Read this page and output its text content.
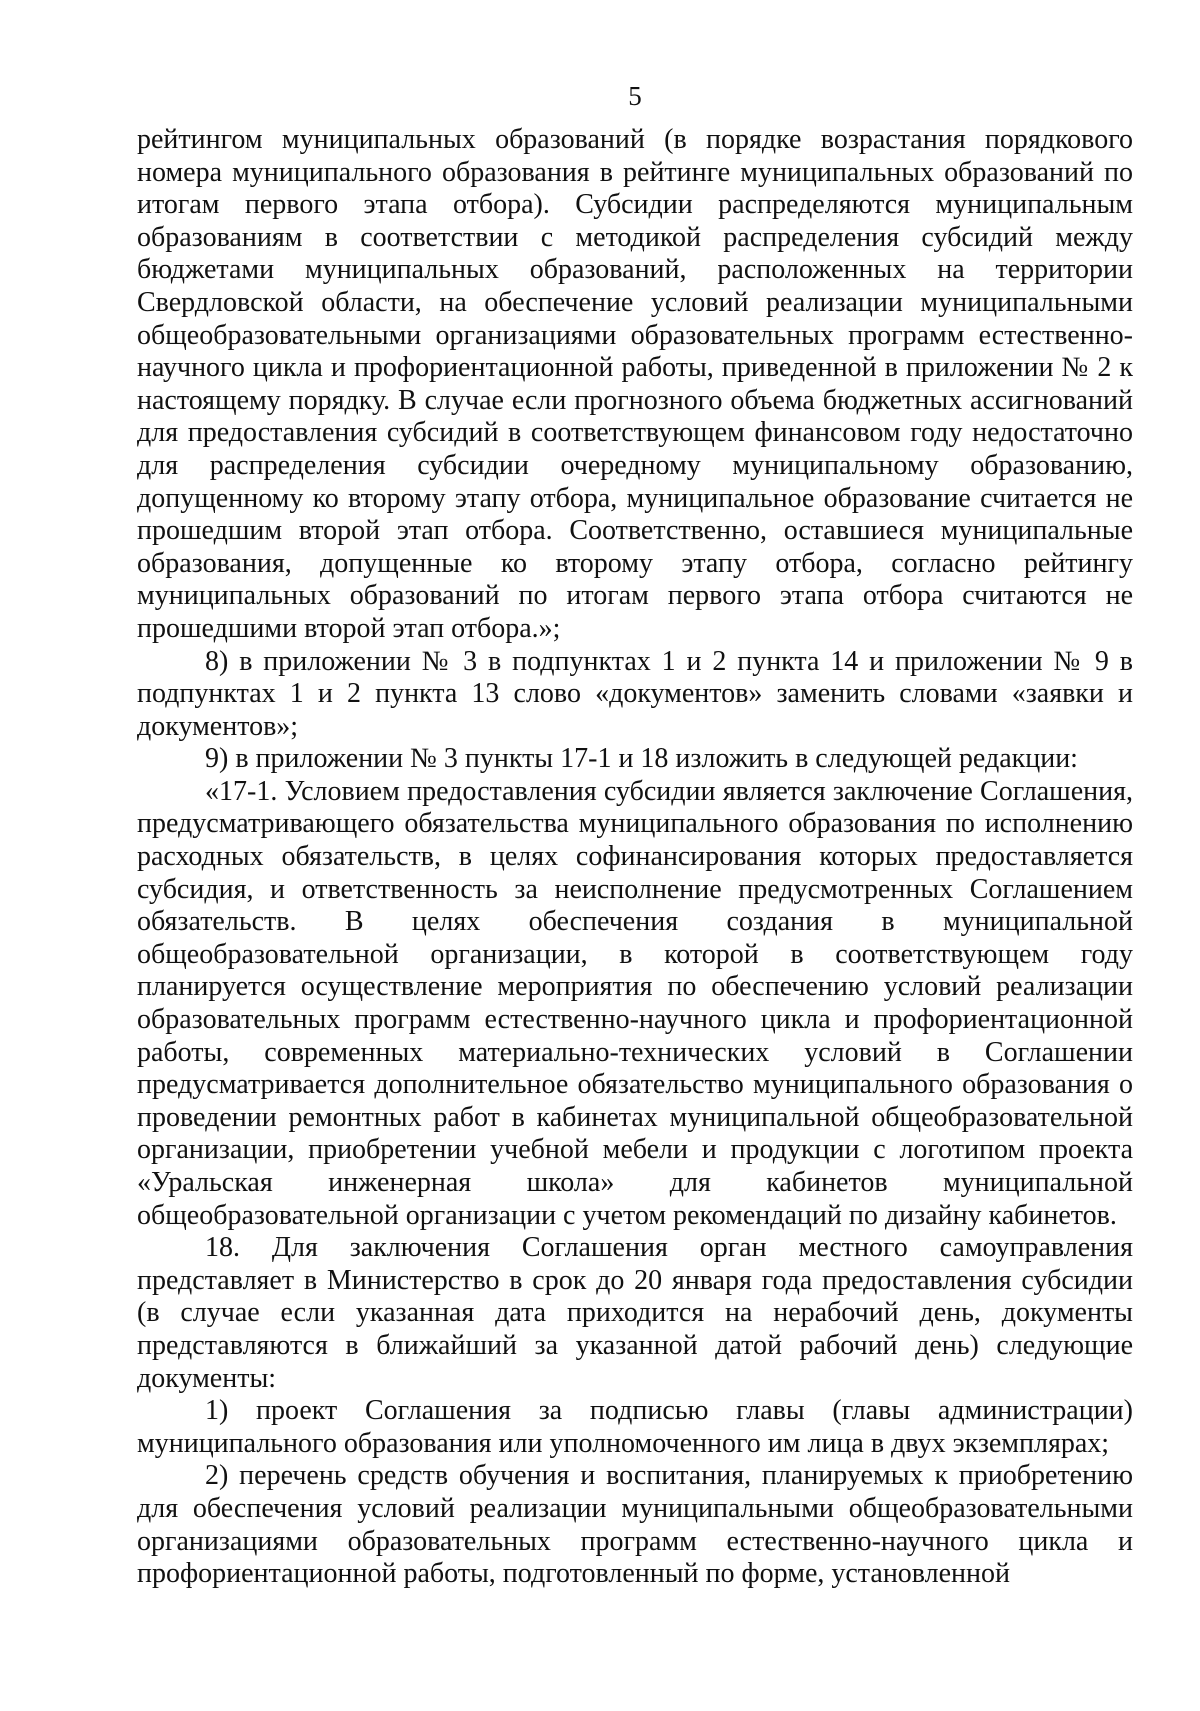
5

рейтингом муниципальных образований (в порядке возрастания порядкового номера муниципального образования в рейтинге муниципальных образований по итогам первого этапа отбора). Субсидии распределяются муниципальным образованиям в соответствии с методикой распределения субсидий между бюджетами муниципальных образований, расположенных на территории Свердловской области, на обеспечение условий реализации муниципальными общеобразовательными организациями образовательных программ естественно-научного цикла и профориентационной работы, приведенной в приложении № 2 к настоящему порядку. В случае если прогнозного объема бюджетных ассигнований для предоставления субсидий в соответствующем финансовом году недостаточно для распределения субсидии очередному муниципальному образованию, допущенному ко второму этапу отбора, муниципальное образование считается не прошедшим второй этап отбора. Соответственно, оставшиеся муниципальные образования, допущенные ко второму этапу отбора, согласно рейтингу муниципальных образований по итогам первого этапа отбора считаются не прошедшими второй этап отбора.»;

8) в приложении № 3 в подпунктах 1 и 2 пункта 14 и приложении № 9 в подпунктах 1 и 2 пункта 13 слово «документов» заменить словами «заявки и документов»;

9) в приложении № 3 пункты 17-1 и 18 изложить в следующей редакции:

«17-1. Условием предоставления субсидии является заключение Соглашения, предусматривающего обязательства муниципального образования по исполнению расходных обязательств, в целях софинансирования которых предоставляется субсидия, и ответственность за неисполнение предусмотренных Соглашением обязательств. В целях обеспечения создания в муниципальной общеобразовательной организации, в которой в соответствующем году планируется осуществление мероприятия по обеспечению условий реализации образовательных программ естественно-научного цикла и профориентационной работы, современных материально-технических условий в Соглашении предусматривается дополнительное обязательство муниципального образования о проведении ремонтных работ в кабинетах муниципальной общеобразовательной организации, приобретении учебной мебели и продукции с логотипом проекта «Уральская инженерная школа» для кабинетов муниципальной общеобразовательной организации с учетом рекомендаций по дизайну кабинетов.

18. Для заключения Соглашения орган местного самоуправления представляет в Министерство в срок до 20 января года предоставления субсидии (в случае если указанная дата приходится на нерабочий день, документы представляются в ближайший за указанной датой рабочий день) следующие документы:

1) проект Соглашения за подписью главы (главы администрации) муниципального образования или уполномоченного им лица в двух экземплярах;

2) перечень средств обучения и воспитания, планируемых к приобретению для обеспечения условий реализации муниципальными общеобразовательными организациями образовательных программ естественно-научного цикла и профориентационной работы, подготовленный по форме, установленной
